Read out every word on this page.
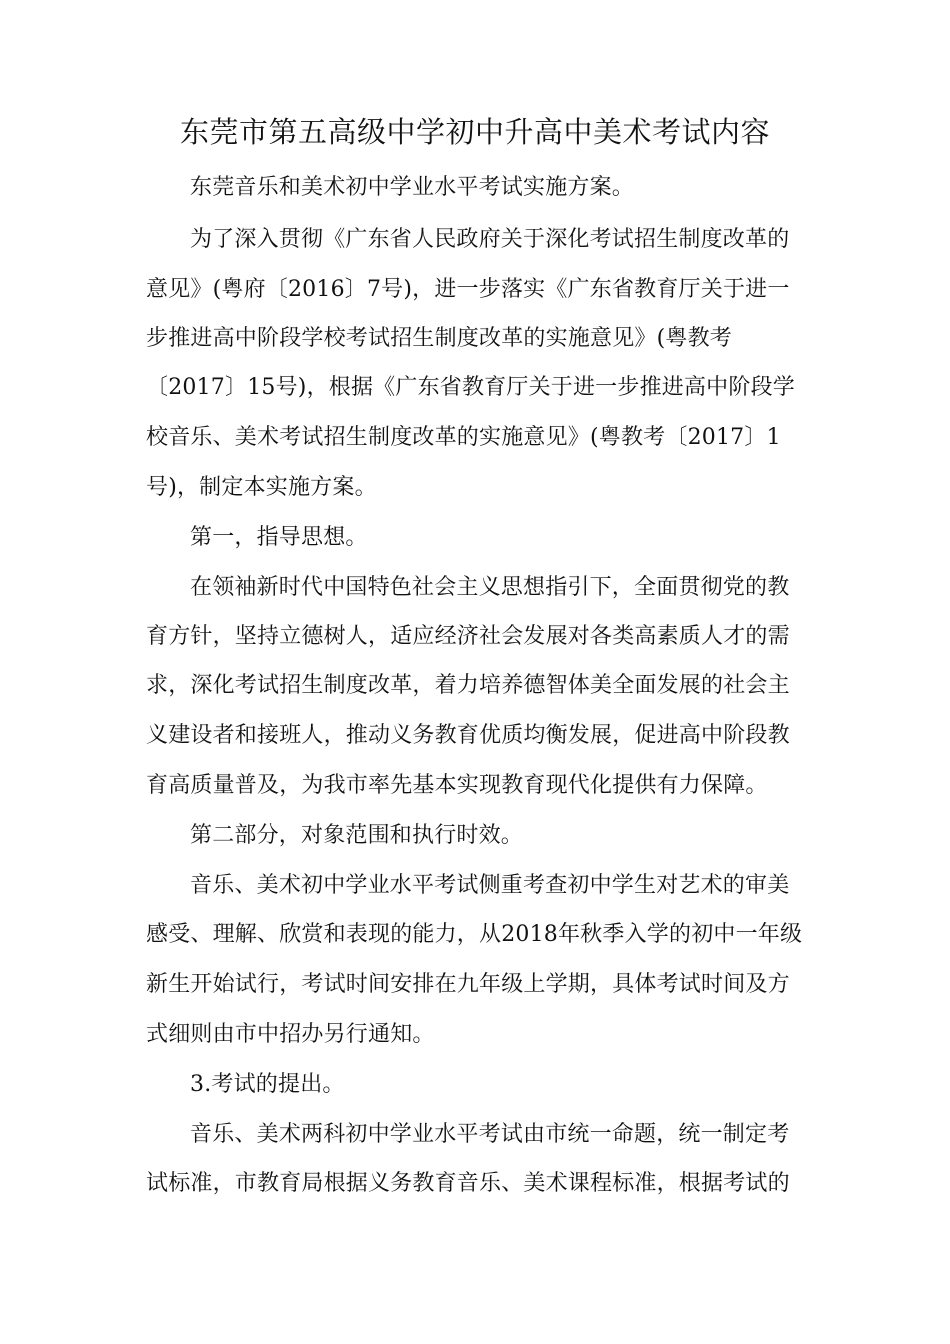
东莞市第五高级中学初中升高中美术考试内容

东莞音乐和美术初中学业水平考试实施方案。

为了深入贯彻《广东省人民政府关于深化考试招生制度改革的

意见》(粤府〔2016〕7号)，进一步落实《广东省教育厅关于进一

步推进高中阶段学校考试招生制度改革的实施意见》(粤教考

〔2017〕15号)，根据《广东省教育厅关于进一步推进高中阶段学

校音乐、美术考试招生制度改革的实施意见》(粤教考〔2017〕1

号)，制定本实施方案。

第一，指导思想。

在领袖新时代中国特色社会主义思想指引下，全面贯彻党的教

育方针，坚持立德树人，适应经济社会发展对各类高素质人才的需

求，深化考试招生制度改革，着力培养德智体美全面发展的社会主

义建设者和接班人，推动义务教育优质均衡发展，促进高中阶段教

育高质量普及，为我市率先基本实现教育现代化提供有力保障。

第二部分，对象范围和执行时效。

音乐、美术初中学业水平考试侧重考查初中学生对艺术的审美

感受、理解、欣赏和表现的能力，从2018年秋季入学的初中一年级

新生开始试行，考试时间安排在九年级上学期，具体考试时间及方

式细则由市中招办另行通知。

3.考试的提出。

音乐、美术两科初中学业水平考试由市统一命题，统一制定考

试标准，市教育局根据义务教育音乐、美术课程标准，根据考试的
